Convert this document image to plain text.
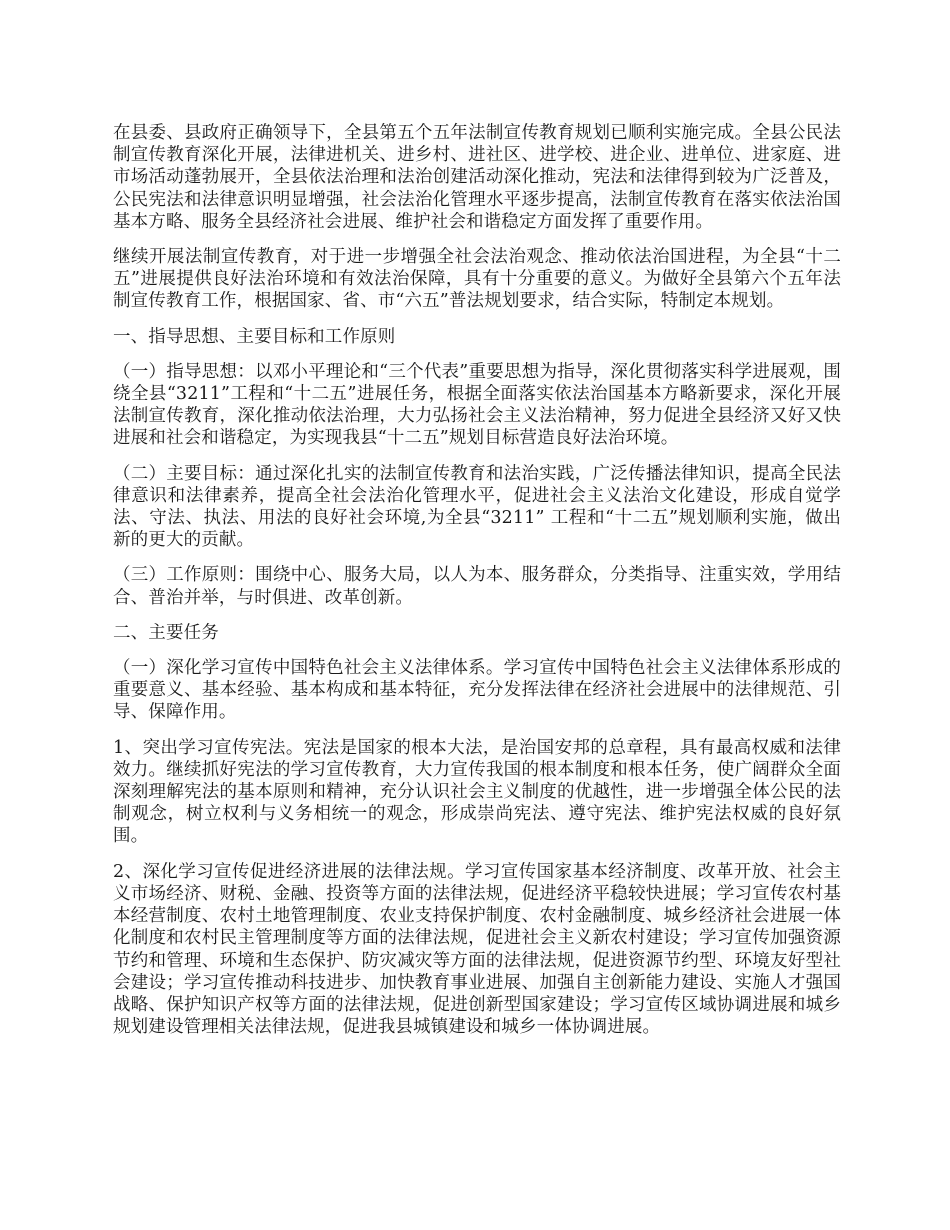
在县委、县政府正确领导下，全县第五个五年法制宣传教育规划已顺利实施完成。全县公民法制宣传教育深化开展，法律进机关、进乡村、进社区、进学校、进企业、进单位、进家庭、进市场活动蓬勃展开，全县依法治理和法治创建活动深化推动，宪法和法律得到较为广泛普及，公民宪法和法律意识明显增强，社会法治化管理水平逐步提高，法制宣传教育在落实依法治国基本方略、服务全县经济社会进展、维护社会和谐稳定方面发挥了重要作用。

继续开展法制宣传教育，对于进一步增强全社会法治观念、推动依法治国进程，为全县“十二五”进展提供良好法治环境和有效法治保障，具有十分重要的意义。为做好全县第六个五年法制宣传教育工作，根据国家、省、市“六五”普法规划要求，结合实际，特制定本规划。

一、指导思想、主要目标和工作原则

（一）指导思想：以邓小平理论和“三个代表”重要思想为指导，深化贯彻落实科学进展观，围绕全县“3211”工程和“十二五”进展任务，根据全面落实依法治国基本方略新要求，深化开展法制宣传教育，深化推动依法治理，大力弘扬社会主义法治精神，努力促进全县经济又好又快进展和社会和谐稳定，为实现我县“十二五”规划目标营造良好法治环境。

（二）主要目标：通过深化扎实的法制宣传教育和法治实践，广泛传播法律知识，提高全民法律意识和法律素养，提高全社会法治化管理水平，促进社会主义法治文化建设，形成自觉学法、守法、执法、用法的良好社会环境,为全县“3211” 工程和“十二五”规划顺利实施，做出新的更大的贡献。

（三）工作原则：围绕中心、服务大局，以人为本、服务群众，分类指导、注重实效，学用结合、普治并举，与时俱进、改革创新。

二、主要任务

（一）深化学习宣传中国特色社会主义法律体系。学习宣传中国特色社会主义法律体系形成的重要意义、基本经验、基本构成和基本特征，充分发挥法律在经济社会进展中的法律规范、引导、保障作用。

1、突出学习宣传宪法。宪法是国家的根本大法，是治国安邦的总章程，具有最高权威和法律效力。继续抓好宪法的学习宣传教育，大力宣传我国的根本制度和根本任务，使广阔群众全面深刻理解宪法的基本原则和精神，充分认识社会主义制度的优越性，进一步增强全体公民的法制观念，树立权利与义务相统一的观念，形成崇尚宪法、遵守宪法、维护宪法权威的良好氛围。

2、深化学习宣传促进经济进展的法律法规。学习宣传国家基本经济制度、改革开放、社会主义市场经济、财税、金融、投资等方面的法律法规，促进经济平稳较快进展；学习宣传农村基本经营制度、农村土地管理制度、农业支持保护制度、农村金融制度、城乡经济社会进展一体化制度和农村民主管理制度等方面的法律法规，促进社会主义新农村建设；学习宣传加强资源节约和管理、环境和生态保护、防灾减灾等方面的法律法规，促进资源节约型、环境友好型社会建设；学习宣传推动科技进步、加快教育事业进展、加强自主创新能力建设、实施人才强国战略、保护知识产权等方面的法律法规，促进创新型国家建设；学习宣传区域协调进展和城乡规划建设管理相关法律法规，促进我县城镇建设和城乡一体协调进展。
